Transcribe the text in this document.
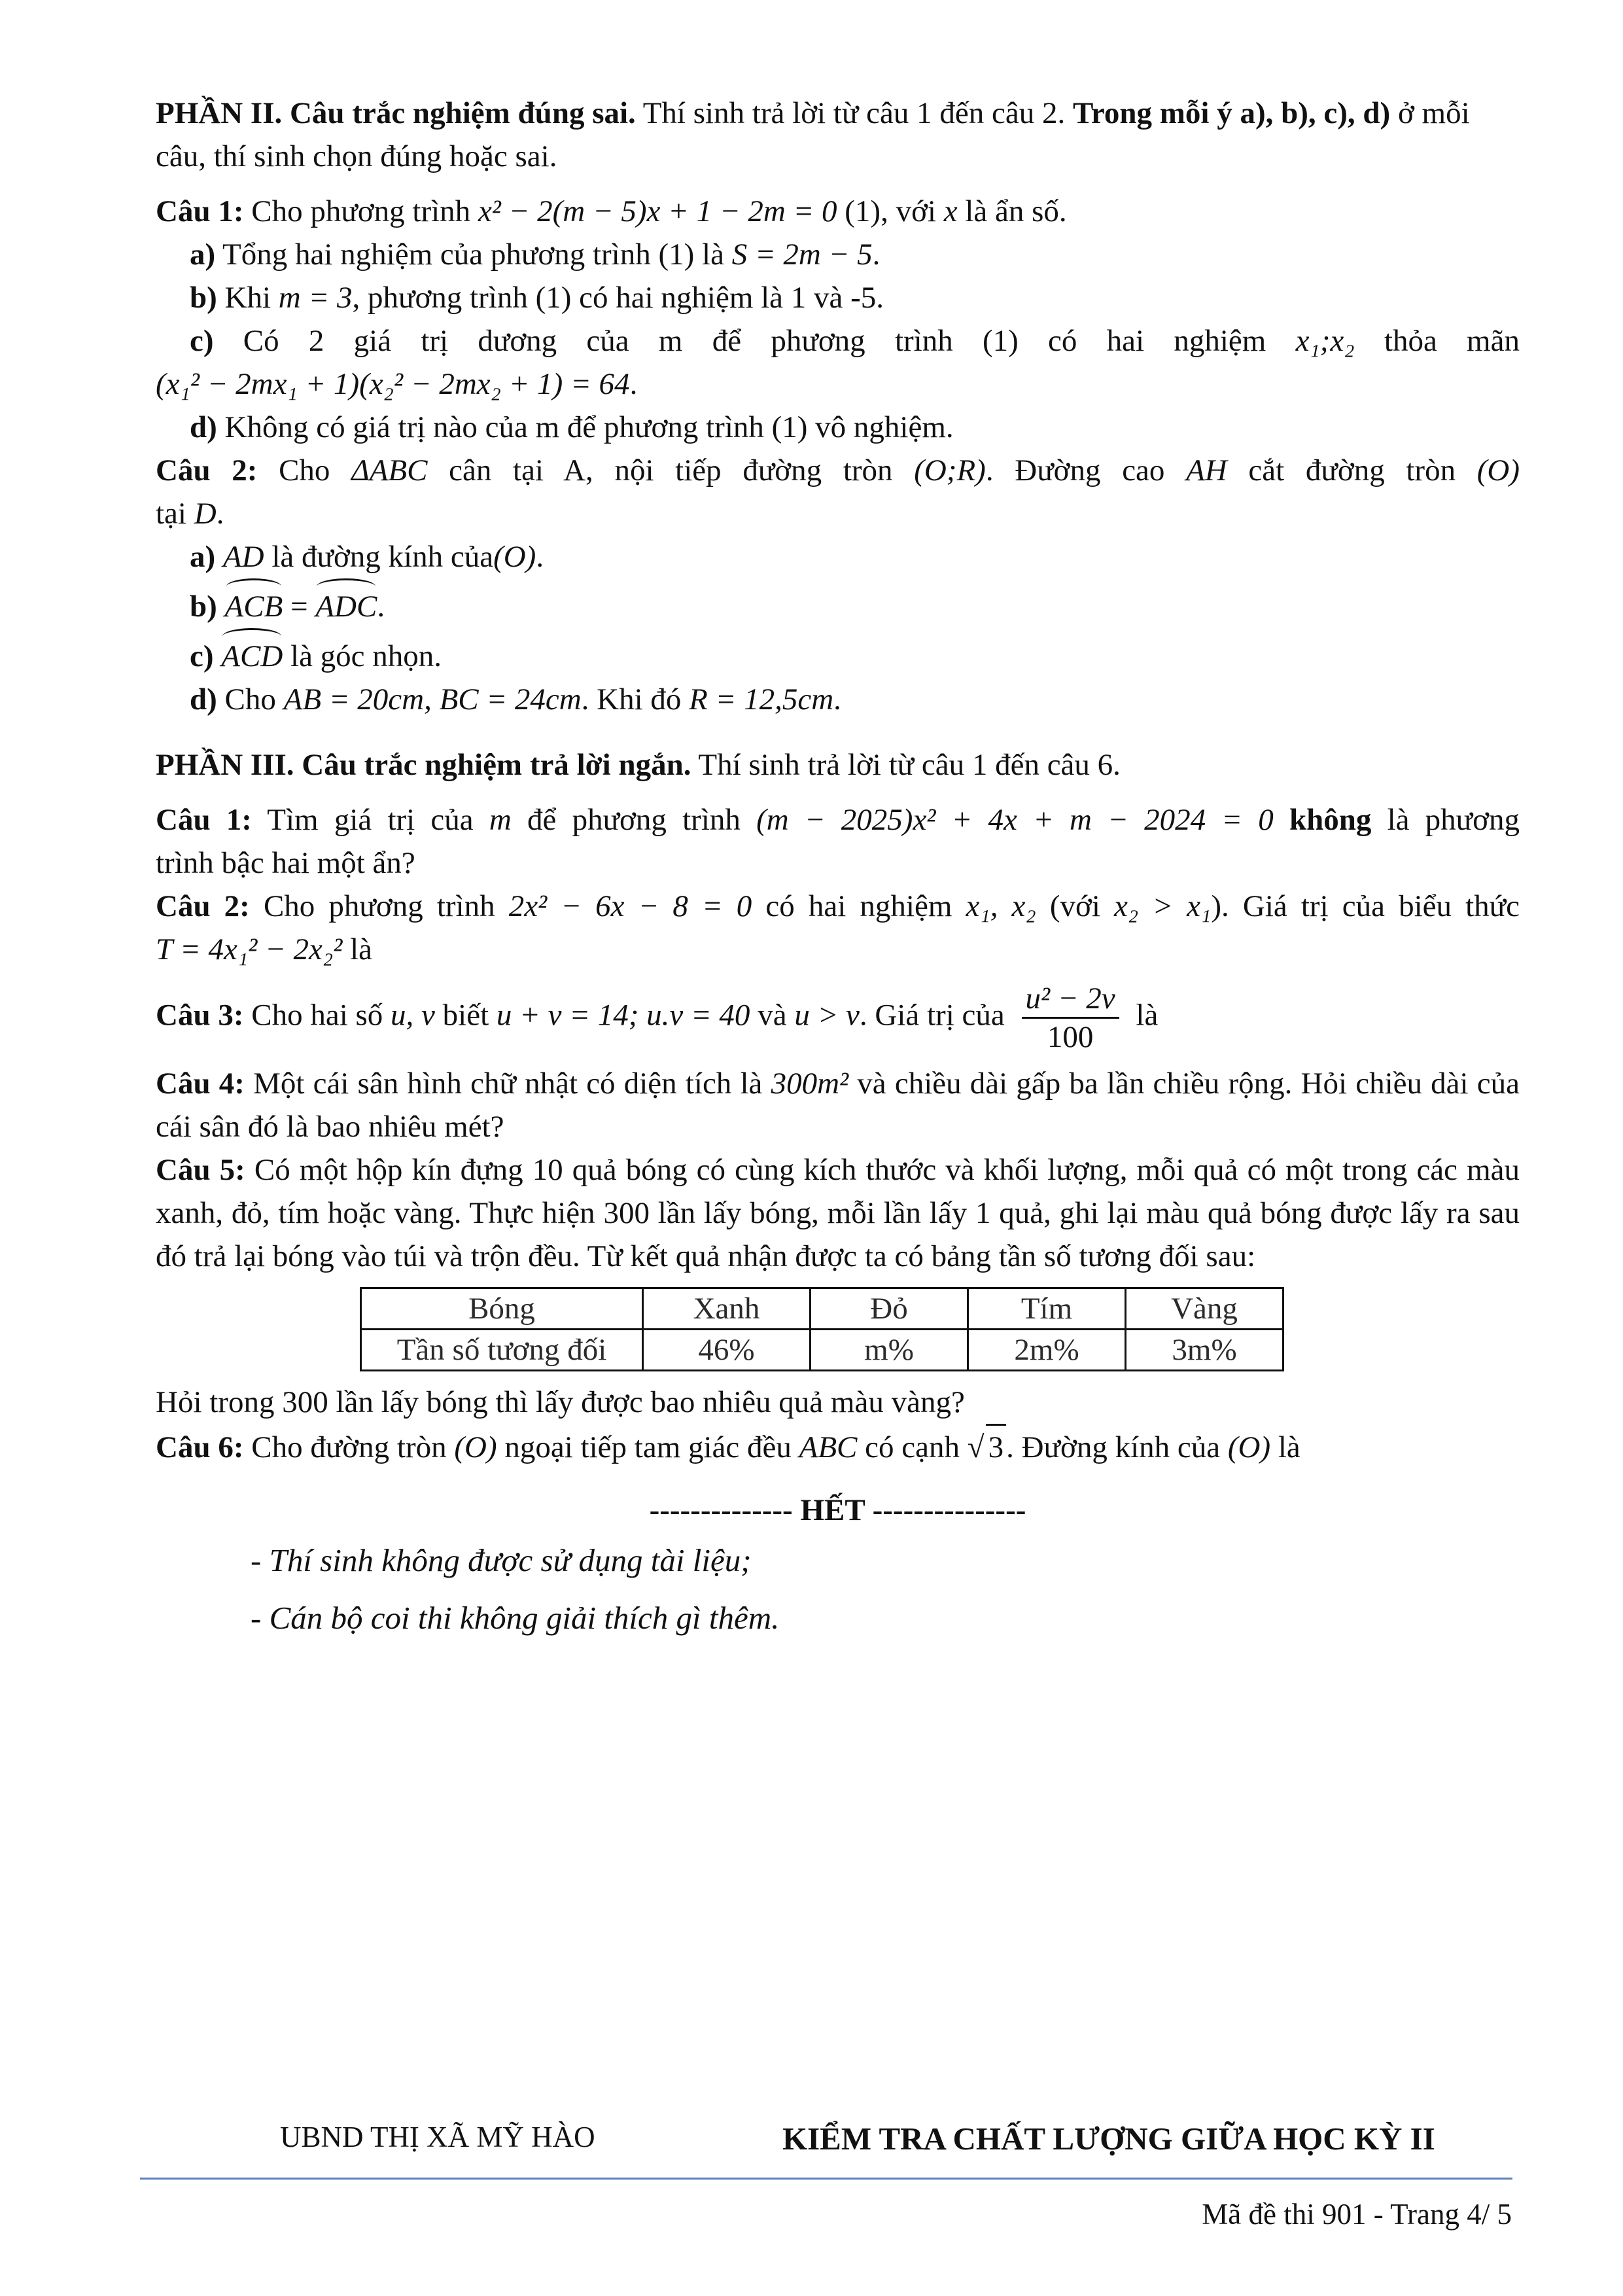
PHẦN II. Câu trắc nghiệm đúng sai. Thí sinh trả lời từ câu 1 đến câu 2. Trong mỗi ý a), b), c), d) ở mỗi câu, thí sinh chọn đúng hoặc sai.

Câu 1: Cho phương trình x² − 2(m − 5)x + 1 − 2m = 0 (1), với x là ẩn số.

a) Tổng hai nghiệm của phương trình (1) là S = 2m − 5.

b) Khi m = 3, phương trình (1) có hai nghiệm là 1 và -5.

c) Có 2 giá trị dương của m để phương trình (1) có hai nghiệm x₁;x₂ thỏa mãn

(x₁² − 2mx₁ + 1)(x₂² − 2mx₂ + 1) = 64.

d) Không có giá trị nào của m để phương trình (1) vô nghiệm.

Câu 2: Cho ΔABC cân tại A, nội tiếp đường tròn (O;R). Đường cao AH cắt đường tròn (O)

tại D.

a) AD là đường kính của(O).

b) ACB = ADC.

c) ACD là góc nhọn.

d) Cho AB = 20cm, BC = 24cm. Khi đó R = 12,5cm.

PHẦN III. Câu trắc nghiệm trả lời ngắn. Thí sinh trả lời từ câu 1 đến câu 6.

Câu 1: Tìm giá trị của m để phương trình (m − 2025)x² + 4x + m − 2024 = 0 không là phương

trình bậc hai một ẩn?

Câu 2: Cho phương trình 2x² − 6x − 8 = 0 có hai nghiệm x₁, x₂ (với x₂ > x₁). Giá trị của biểu thức

T = 4x₁² − 2x₂² là

Câu 3: Cho hai số u, v biết u + v = 14; u.v = 40 và u > v. Giá trị của $\frac{\text{u² − 2v}}{100}$ là

Câu 4: Một cái sân hình chữ nhật có diện tích là 300m² và chiều dài gấp ba lần chiều rộng. Hỏi chiều dài của cái sân đó là bao nhiêu mét?

Câu 5: Có một hộp kín đựng 10 quả bóng có cùng kích thước và khối lượng, mỗi quả có một trong các màu xanh, đỏ, tím hoặc vàng. Thực hiện 300 lần lấy bóng, mỗi lần lấy 1 quả, ghi lại màu quả bóng được lấy ra sau đó trả lại bóng vào túi và trộn đều. Từ kết quả nhận được ta có bảng tần số tương đối sau:

Bóng	Xanh	Đỏ	Tím	Vàng
Tần số tương đối	46%	m%	2m%	3m%

Hỏi trong 300 lần lấy bóng thì lấy được bao nhiêu quả màu vàng?

Câu 6: Cho đường tròn (O) ngoại tiếp tam giác đều ABC có cạnh √ 3. Đường kính của (O) là

-------------- HẾT ---------------

- Thí sinh không được sử dụng tài liệu;

- Cán bộ coi thi không giải thích gì thêm.

UBND THỊ XÃ MỸ HÀO	KIỂM TRA CHẤT LƯỢNG GIỮA HỌC KỲ II
Mã đề thi 901 - Trang 4/ 5
